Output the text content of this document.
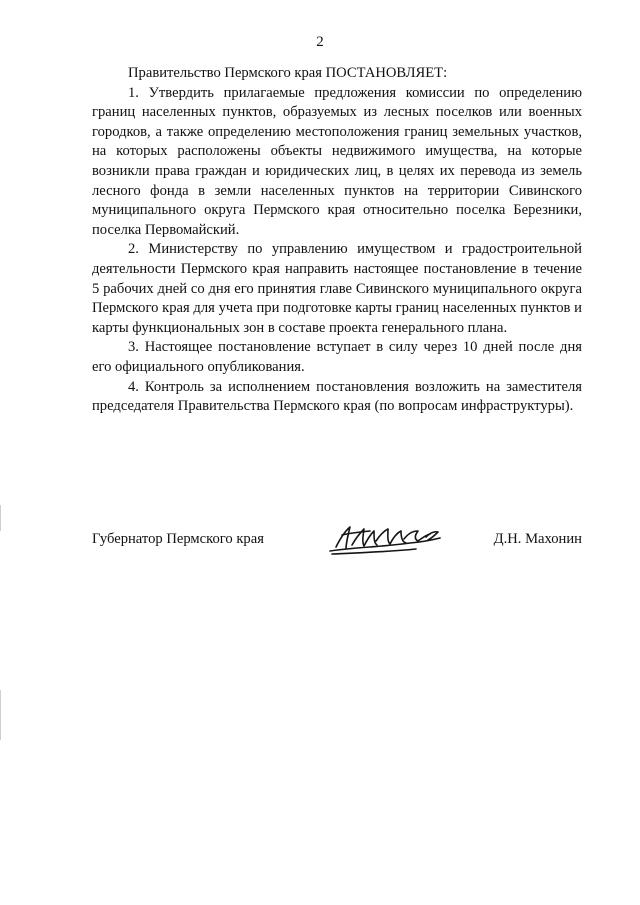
2

Правительство Пермского края ПОСТАНОВЛЯЕТ:

1. Утвердить прилагаемые предложения комиссии по определению границ населенных пунктов, образуемых из лесных поселков или военных городков, а также определению местоположения границ земельных участков, на которых расположены объекты недвижимого имущества, на которые возникли права граждан и юридических лиц, в целях их перевода из земель лесного фонда в земли населенных пунктов на территории Сивинского муниципального округа Пермского края относительно поселка Березники, поселка Первомайский.

2. Министерству по управлению имуществом и градостроительной деятельности Пермского края направить настоящее постановление в течение 5 рабочих дней со дня его принятия главе Сивинского муниципального округа Пермского края для учета при подготовке карты границ населенных пунктов и карты функциональных зон в составе проекта генерального плана.

3. Настоящее постановление вступает в силу через 10 дней после дня его официального опубликования.

4. Контроль за исполнением постановления возложить на заместителя председателя Правительства Пермского края (по вопросам инфраструктуры).

Губернатор Пермского края	Д.Н. Махонин
